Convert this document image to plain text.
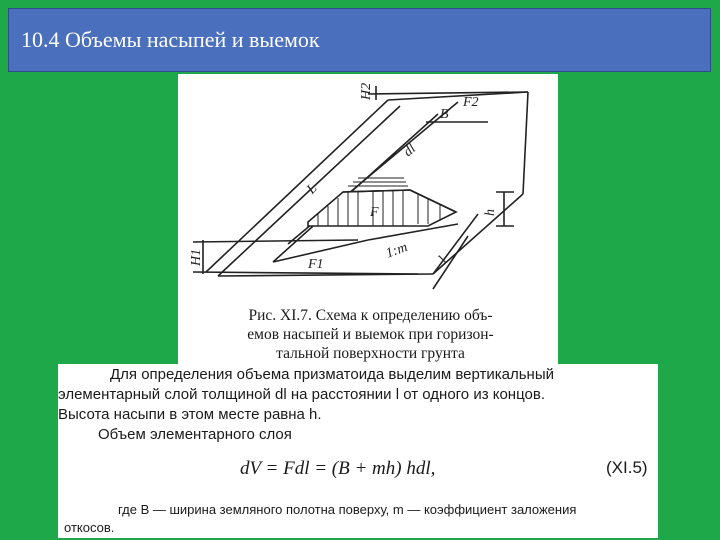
10.4 Объемы насыпей и выемок
H2
F2
B
dl
L
F	h
H1	1:m
F1	l
Рис. XI.7. Схема к определению объ-
емов насыпей и выемок при горизон-
тальной поверхности грунта
Для определения объема призматоида выделим вертикальный
элементарный слой толщиной dl на расстоянии l от одного из концов.
Высота насыпи в этом месте равна h.
Объем элементарного слоя
dV = Fdl = (B + mh) hdl,	(XI.5)
где B — ширина земляного полотна поверху, m — коэффициент заложения
откосов.
